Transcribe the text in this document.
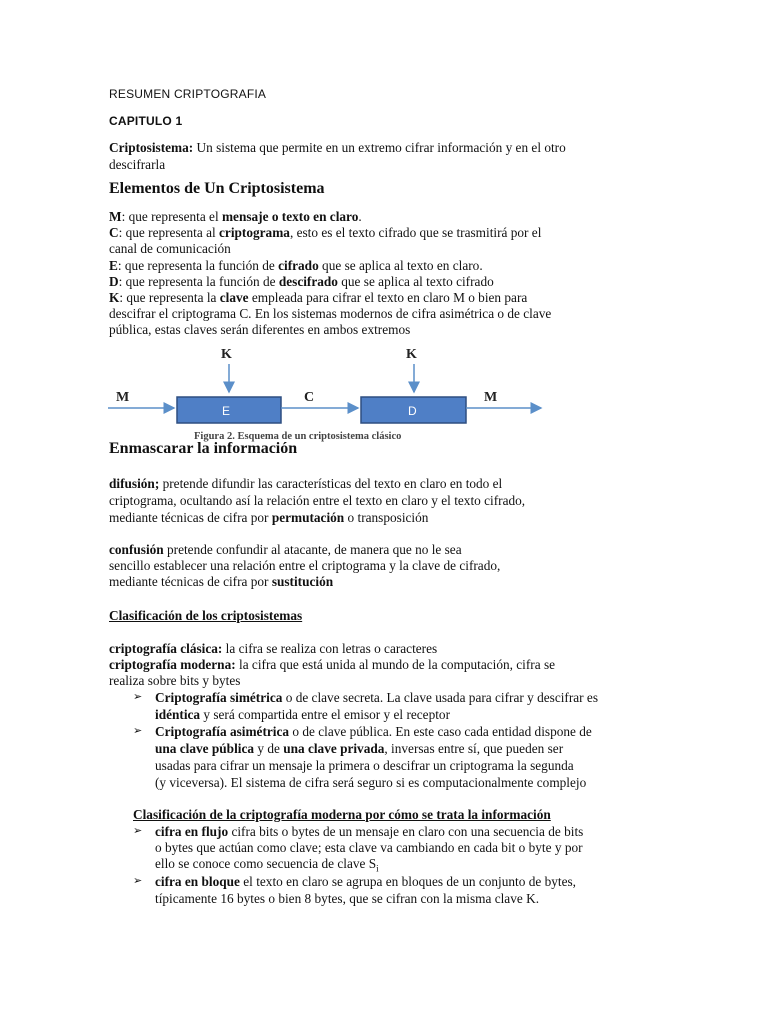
RESUMEN CRIPTOGRAFIA
CAPITULO 1
Criptosistema: Un sistema que permite en un extremo cifrar información y en el otro
descifrarla
Elementos de Un Criptosistema
M: que representa el mensaje o texto en claro.
C: que representa al criptograma, esto es el texto cifrado que se trasmitirá por el
canal de comunicación
E: que representa la función de cifrado que se aplica al texto en claro.
D: que representa la función de descifrado que se aplica al texto cifrado
K: que representa la clave empleada para cifrar el texto en claro M o bien para
descifrar el criptograma C. En los sistemas modernos de cifra asimétrica o de clave
pública, estas claves serán diferentes en ambos extremos
K	K
M	C	M
E	D
Figura 2. Esquema de un criptosistema clásico
Enmascarar la información
difusión; pretende difundir las características del texto en claro en todo el
criptograma, ocultando así la relación entre el texto en claro y el texto cifrado,
mediante técnicas de cifra por permutación o transposición
confusión pretende confundir al atacante, de manera que no le sea
sencillo establecer una relación entre el criptograma y la clave de cifrado,
mediante técnicas de cifra por sustitución
Clasificación de los criptosistemas
criptografía clásica: la cifra se realiza con letras o caracteres
criptografía moderna: la cifra que está unida al mundo de la computación, cifra se
realiza sobre bits y bytes
➢ Criptografía simétrica o de clave secreta. La clave usada para cifrar y descifrar es
idéntica y será compartida entre el emisor y el receptor
➢ Criptografía asimétrica o de clave pública. En este caso cada entidad dispone de
una clave pública y de una clave privada, inversas entre sí, que pueden ser
usadas para cifrar un mensaje la primera o descifrar un criptograma la segunda
(y viceversa). El sistema de cifra será seguro si es computacionalmente complejo
Clasificación de la criptografía moderna por cómo se trata la información
➢ cifra en flujo cifra bits o bytes de un mensaje en claro con una secuencia de bits
o bytes que actúan como clave; esta clave va cambiando en cada bit o byte y por
ello se conoce como secuencia de clave $S_i$
➢ cifra en bloque el texto en claro se agrupa en bloques de un conjunto de bytes,
típicamente 16 bytes o bien 8 bytes, que se cifran con la misma clave K.
